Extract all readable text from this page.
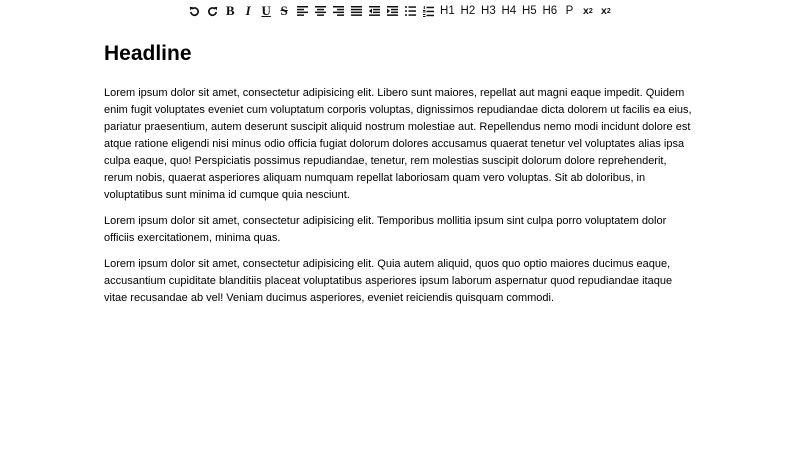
B I U S	H1 H2 H3 H4 H5 H6 P x 2 x 2
Headline

Lorem ipsum dolor sit amet, consectetur adipisicing elit. Libero sunt maiores, repellat aut magni eaque impedit. Quidem enim fugit voluptates eveniet cum voluptatum corporis voluptas, dignissimos repudiandae dicta dolorem ut facilis ea eius, pariatur praesentium, autem deserunt suscipit aliquid nostrum molestiae aut. Repellendus nemo modi incidunt dolore est atque ratione eligendi nisi minus odio officia fugiat dolorum dolores accusamus quaerat tenetur vel voluptates alias ipsa culpa eaque, quo! Perspiciatis possimus repudiandae, tenetur, rem molestias suscipit dolorum dolore reprehenderit, rerum nobis, quaerat asperiores aliquam numquam repellat laboriosam quam vero voluptas. Sit ab doloribus, in voluptatibus sunt minima id cumque quia nesciunt.

Lorem ipsum dolor sit amet, consectetur adipisicing elit. Temporibus mollitia ipsum sint culpa porro voluptatem dolor officiis exercitationem, minima quas.

Lorem ipsum dolor sit amet, consectetur adipisicing elit. Quia autem aliquid, quos quo optio maiores ducimus eaque, accusantium cupiditate blanditiis placeat voluptatibus asperiores ipsum laborum aspernatur quod repudiandae itaque vitae recusandae ab vel! Veniam ducimus asperiores, eveniet reiciendis quisquam commodi.
